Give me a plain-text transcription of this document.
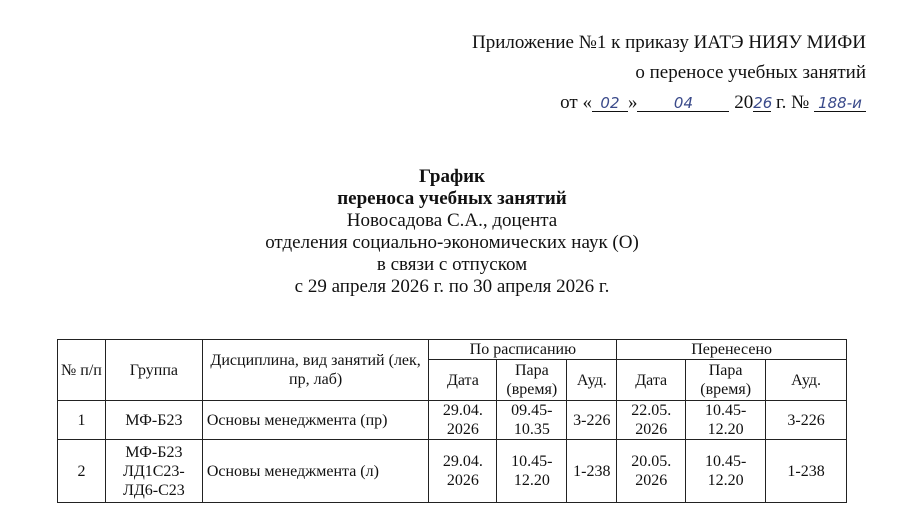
Приложение №1 к приказу ИАТЭ НИЯУ МИФИ
о переносе учебных занятий
от « 02 » 04 2026 г. № 188-и
График
переноса учебных занятий
Новосадова С.А., доцента
отделения социально-экономических наук (О)
в связи с отпуском
с 29 апреля 2026 г. по 30 апреля 2026 г.
№ п/п	Группа	Дисциплина, вид занятий (лек, пр, лаб)	По расписанию			Перенесено		
			Дата	Пара (время)	Ауд.	Дата	Пара (время)	Ауд.
1	МФ-Б23	Основы менеджмента (пр)	29.04. 2026	09.45- 10.35	3-226	22.05. 2026	10.45- 12.20	3-226
2	МФ-Б23 ЛД1С23- ЛД6-С23	Основы менеджмента (л)	29.04. 2026	10.45- 12.20	1-238	20.05. 2026	10.45- 12.20	1-238
